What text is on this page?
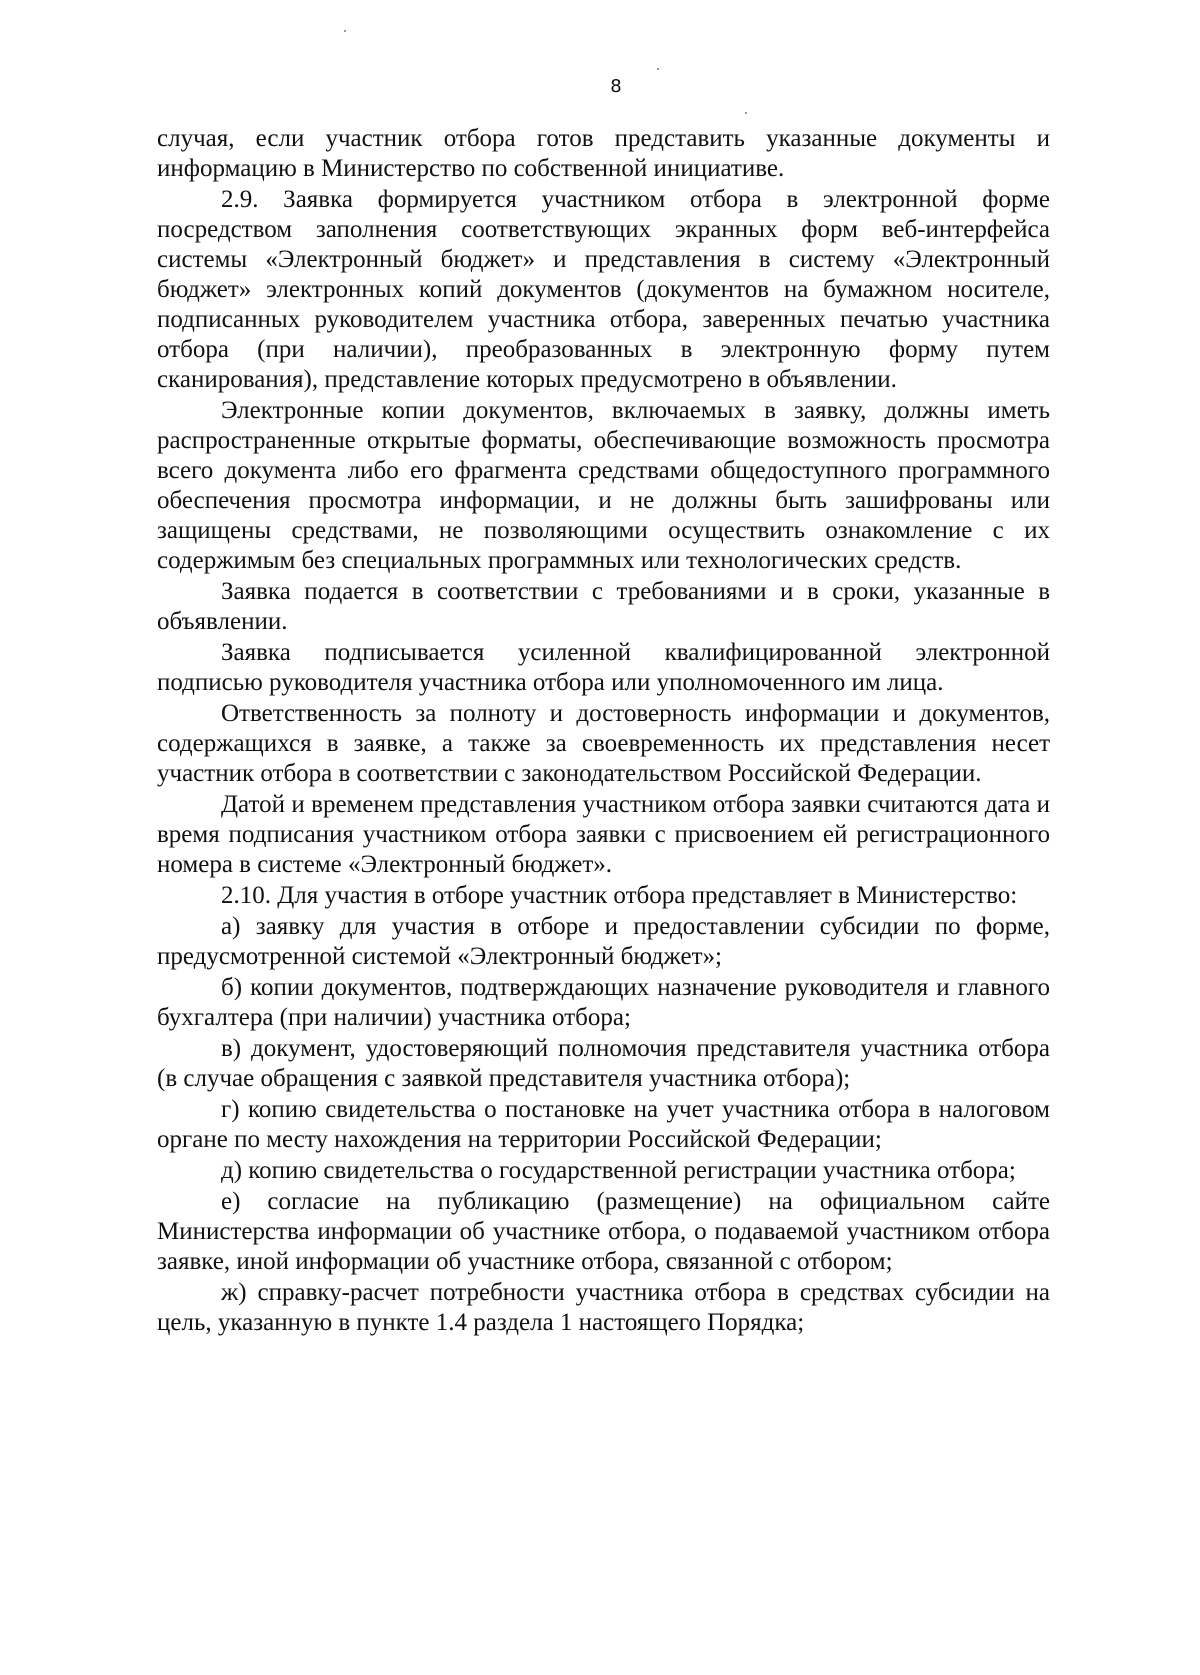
8

случая, если участник отбора готов представить указанные документы и информацию в Министерство по собственной инициативе.

2.9. Заявка формируется участником отбора в электронной форме посредством заполнения соответствующих экранных форм веб-интерфейса системы «Электронный бюджет» и представления в систему «Электронный бюджет» электронных копий документов (документов на бумажном носителе, подписанных руководителем участника отбора, заверенных печатью участника отбора (при наличии), преобразованных в электронную форму путем сканирования), представление которых предусмотрено в объявлении.

Электронные копии документов, включаемых в заявку, должны иметь распространенные открытые форматы, обеспечивающие возможность просмотра всего документа либо его фрагмента средствами общедоступного программного обеспечения просмотра информации, и не должны быть зашифрованы или защищены средствами, не позволяющими осуществить ознакомление с их содержимым без специальных программных или технологических средств.

Заявка подается в соответствии с требованиями и в сроки, указанные в объявлении.

Заявка подписывается усиленной квалифицированной электронной подписью руководителя участника отбора или уполномоченного им лица.

Ответственность за полноту и достоверность информации и документов, содержащихся в заявке, а также за своевременность их представления несет участник отбора в соответствии с законодательством Российской Федерации.

Датой и временем представления участником отбора заявки считаются дата и время подписания участником отбора заявки с присвоением ей регистрационного номера в системе «Электронный бюджет».

2.10. Для участия в отборе участник отбора представляет в Министерство:

а) заявку для участия в отборе и предоставлении субсидии по форме, предусмотренной системой «Электронный бюджет»;

б) копии документов, подтверждающих назначение руководителя и главного бухгалтера (при наличии) участника отбора;

в) документ, удостоверяющий полномочия представителя участника отбора (в случае обращения с заявкой представителя участника отбора);

г) копию свидетельства о постановке на учет участника отбора в налоговом органе по месту нахождения на территории Российской Федерации;

д) копию свидетельства о государственной регистрации участника отбора;

е) согласие на публикацию (размещение) на официальном сайте Министерства информации об участнике отбора, о подаваемой участником отбора заявке, иной информации об участнике отбора, связанной с отбором;

ж) справку-расчет потребности участника отбора в средствах субсидии на цель, указанную в пункте 1.4 раздела 1 настоящего Порядка;
